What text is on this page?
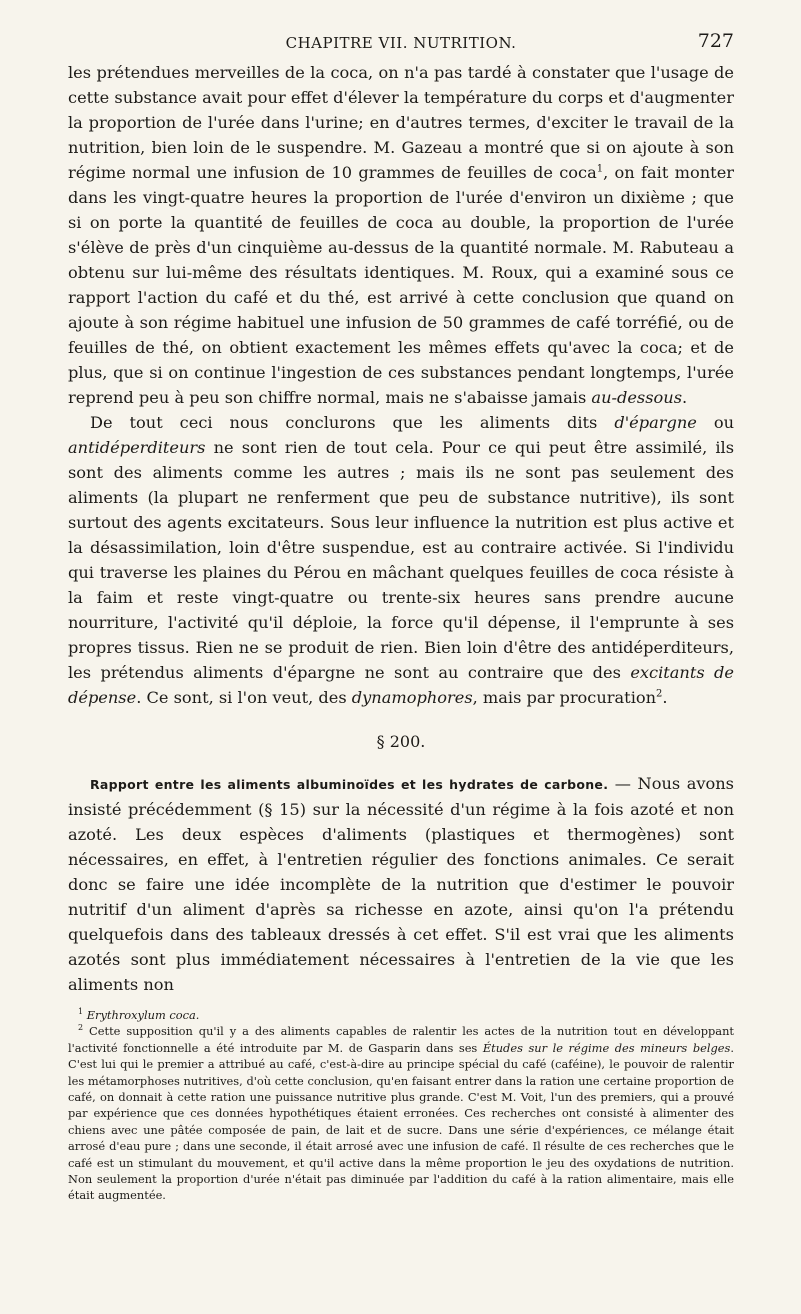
CHAPITRE VII. NUTRITION.	727

les prétendues merveilles de la coca, on n'a pas tardé à constater que l'usage de cette substance avait pour effet d'élever la température du corps et d'augmenter la proportion de l'urée dans l'urine; en d'autres termes, d'exciter le travail de la nutrition, bien loin de le suspendre. M. Gazeau a montré que si on ajoute à son régime normal une infusion de 10 grammes de feuilles de coca$^1$, on fait monter dans les vingt-quatre heures la proportion de l'urée d'environ un dixième ; que si on porte la quantité de feuilles de coca au double, la proportion de l'urée s'élève de près d'un cinquième au-dessus de la quantité normale. M. Rabuteau a obtenu sur lui-même des résultats identiques. M. Roux, qui a examiné sous ce rapport l'action du café et du thé, est arrivé à cette conclusion que quand on ajoute à son régime habituel une infusion de 50 grammes de café torréfié, ou de feuilles de thé, on obtient exactement les mêmes effets qu'avec la coca; et de plus, que si on continue l'ingestion de ces substances pendant longtemps, l'urée reprend peu à peu son chiffre normal, mais ne s'abaisse jamais au-dessous.

De tout ceci nous conclurons que les aliments dits d'épargne ou antidéperditeurs ne sont rien de tout cela. Pour ce qui peut être assimilé, ils sont des aliments comme les autres ; mais ils ne sont pas seulement des aliments (la plupart ne renferment que peu de substance nutritive), ils sont surtout des agents excitateurs. Sous leur influence la nutrition est plus active et la désassimilation, loin d'être suspendue, est au contraire activée. Si l'individu qui traverse les plaines du Pérou en mâchant quelques feuilles de coca résiste à la faim et reste vingt-quatre ou trente-six heures sans prendre aucune nourriture, l'activité qu'il déploie, la force qu'il dépense, il l'emprunte à ses propres tissus. Rien ne se produit de rien. Bien loin d'être des antidéperditeurs, les prétendus aliments d'épargne ne sont au contraire que des excitants de dépense. Ce sont, si l'on veut, des dynamophores, mais par procuration$^2$.

§ 200.

Rapport entre les aliments albuminoïdes et les hydrates de carbone. — Nous avons insisté précédemment (§ 15) sur la nécessité d'un régime à la fois azoté et non azoté. Les deux espèces d'aliments (plastiques et thermogènes) sont nécessaires, en effet, à l'entretien régulier des fonctions animales. Ce serait donc se faire une idée incomplète de la nutrition que d'estimer le pouvoir nutritif d'un aliment d'après sa richesse en azote, ainsi qu'on l'a prétendu quelquefois dans des tableaux dressés à cet effet. S'il est vrai que les aliments azotés sont plus immédiatement nécessaires à l'entretien de la vie que les aliments non

$^1$ Erythroxylum coca.

$^2$ Cette supposition qu'il y a des aliments capables de ralentir les actes de la nutrition tout en développant l'activité fonctionnelle a été introduite par M. de Gasparin dans ses Études sur le régime des mineurs belges. C'est lui qui le premier a attribué au café, c'est-à-dire au principe spécial du café (caféine), le pouvoir de ralentir les métamorphoses nutritives, d'où cette conclusion, qu'en faisant entrer dans la ration une certaine proportion de café, on donnait à cette ration une puissance nutritive plus grande. C'est M. Voit, l'un des premiers, qui a prouvé par expérience que ces données hypothétiques étaient erronées. Ces recherches ont consisté à alimenter des chiens avec une pâtée composée de pain, de lait et de sucre. Dans une série d'expériences, ce mélange était arrosé d'eau pure ; dans une seconde, il était arrosé avec une infusion de café. Il résulte de ces recherches que le café est un stimulant du mouvement, et qu'il active dans la même proportion le jeu des oxydations de nutrition. Non seulement la proportion d'urée n'était pas diminuée par l'addition du café à la ration alimentaire, mais elle était augmentée.
